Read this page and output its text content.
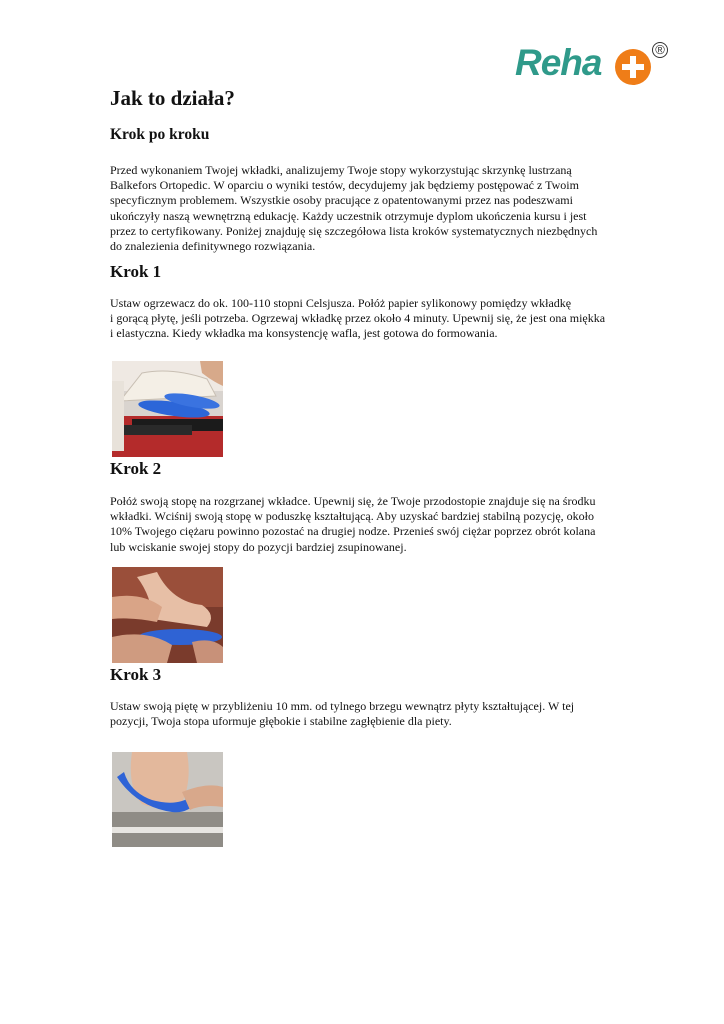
Reha	®
Jak to działa?
Krok po kroku

Przed wykonaniem Twojej wkładki, analizujemy Twoje stopy wykorzystując skrzynkę lustrzaną
Balkefors Ortopedic. W oparciu o wyniki testów, decydujemy jak będziemy postępować z Twoim
specyficznym problemem. Wszystkie osoby pracujące z opatentowanymi przez nas podeszwami
ukończyły naszą wewnętrzną edukację. Każdy uczestnik otrzymuje dyplom ukończenia kursu i jest
przez to certyfikowany. Poniżej znajduję się szczegółowa lista kroków systematycznych niezbędnych
do znalezienia definitywnego rozwiązania.

Krok 1

Ustaw ogrzewacz do ok. 100-110 stopni Celsjusza. Połóż papier sylikonowy pomiędzy wkładkę
i gorącą płytę, jeśli potrzeba. Ogrzewaj wkładkę przez około 4 minuty. Upewnij się, że jest ona miękka
i elastyczna. Kiedy wkładka ma konsystencję wafla, jest gotowa do formowania.

Krok 2

Połóż swoją stopę na rozgrzanej wkładce. Upewnij się, że Twoje przodostopie znajduje się na środku
wkładki. Wciśnij swoją stopę w poduszkę kształtującą. Aby uzyskać bardziej stabilną pozycję, około
10% Twojego ciężaru powinno pozostać na drugiej nodze. Przenieś swój ciężar poprzez obrót kolana
lub wciskanie swojej stopy do pozycji bardziej zsupinowanej.

Krok 3

Ustaw swoją piętę w przybliżeniu 10 mm. od tylnego brzegu wewnątrz płyty kształtującej. W tej
pozycji, Twoja stopa uformuje głębokie i stabilne zagłębienie dla piety.
